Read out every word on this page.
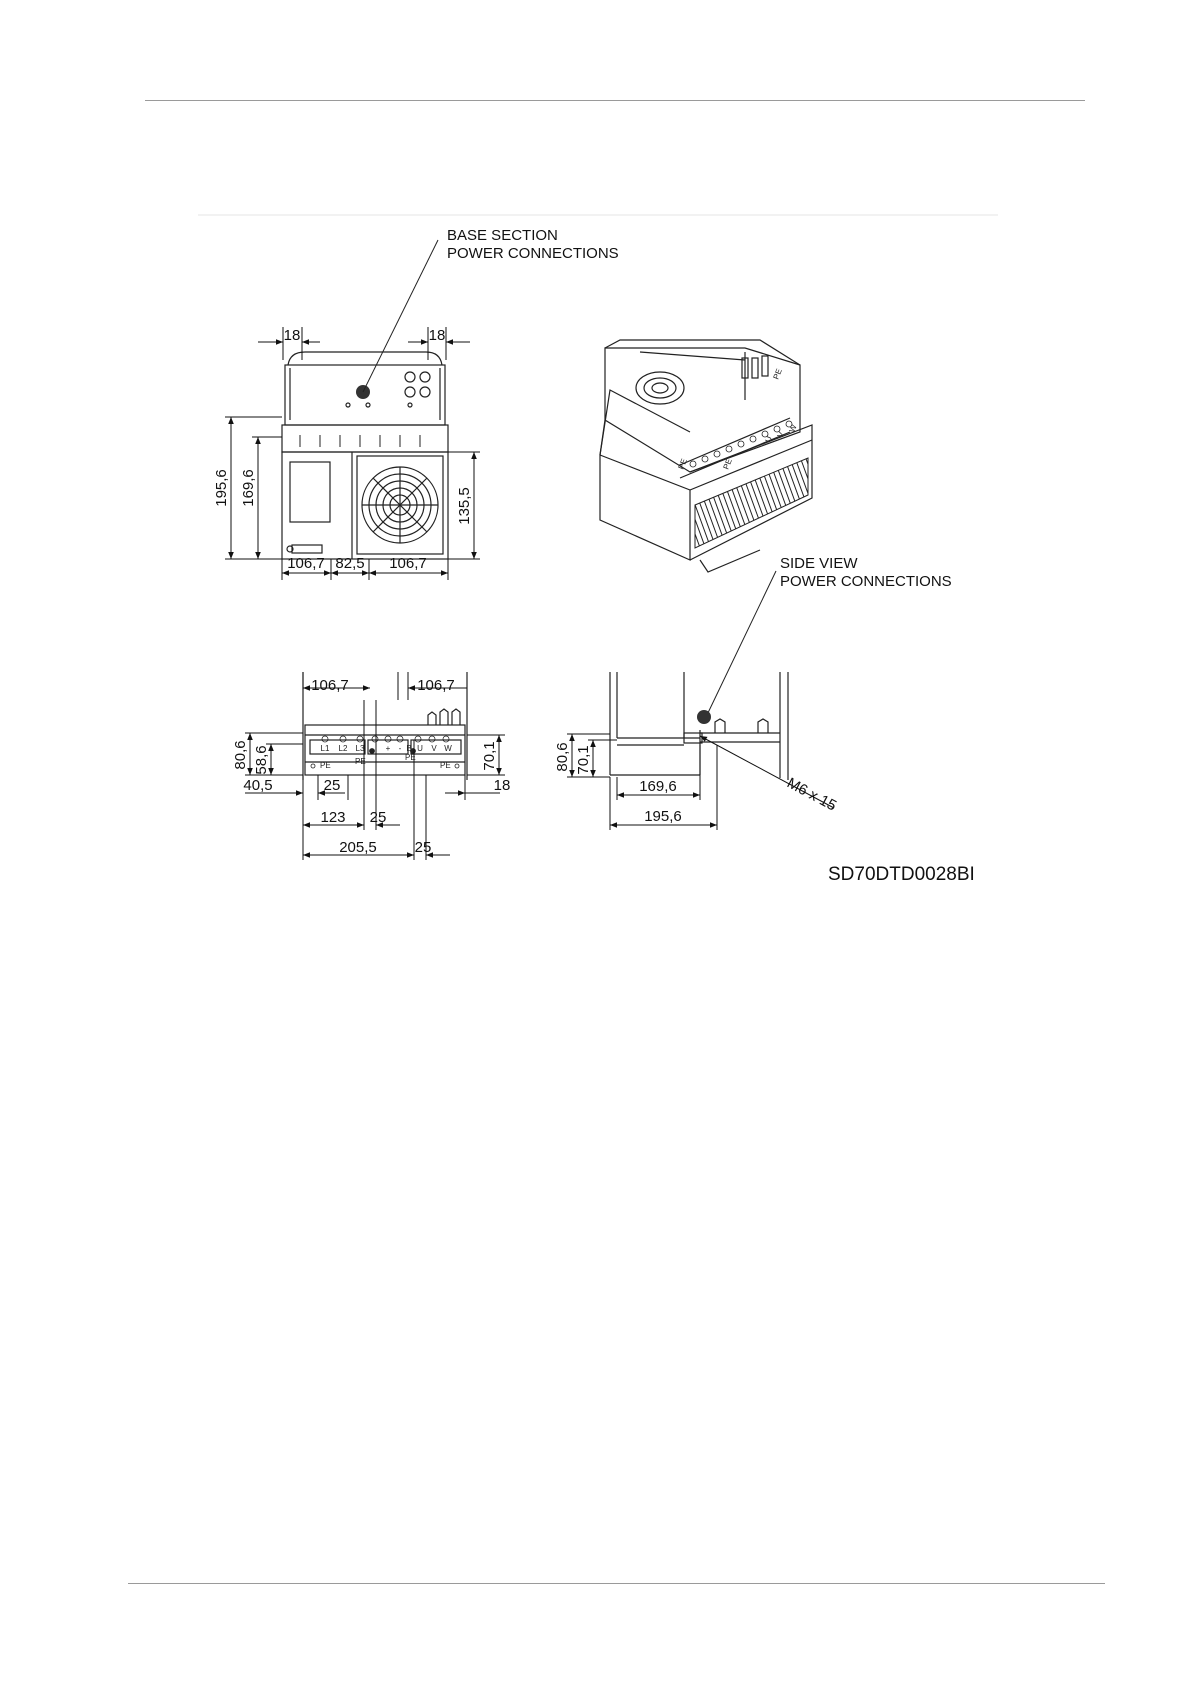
18	18
195,6 169,6	135,5
106,7 82,5 106,7
BASE SECTION
POWER CONNECTIONS
PE	PE
PE
U
V
W
SIDE VIEW
POWER CONNECTIONS
L1 L2 L3	+ - B U V W
PE	PE	PE
PE
106,7	106,7
80,6 58,6	70,1
40,5	25	18
123 25
205,5	25
80,6 70,1
169,6
195,6
M6 x 15
SD70DTD0028BI
